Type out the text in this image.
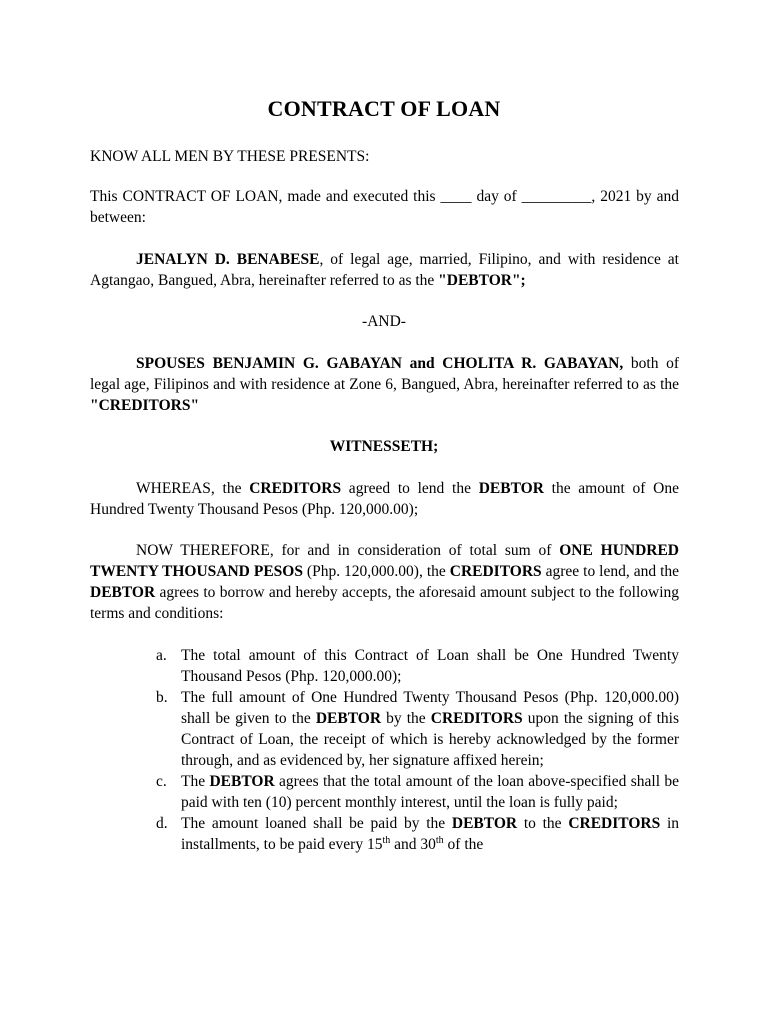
CONTRACT OF LOAN
KNOW ALL MEN BY THESE PRESENTS:
This CONTRACT OF LOAN, made and executed this ____ day of _________, 2021 by and between:
JENALYN D. BENABESE, of legal age, married, Filipino, and with residence at Agtangao, Bangued, Abra, hereinafter referred to as the "DEBTOR";
-AND-
SPOUSES BENJAMIN G. GABAYAN and CHOLITA R. GABAYAN, both of legal age, Filipinos and with residence at Zone 6, Bangued, Abra, hereinafter referred to as the "CREDITORS"
WITNESSETH;
WHEREAS, the CREDITORS agreed to lend the DEBTOR the amount of One Hundred Twenty Thousand Pesos (Php. 120,000.00);
NOW THEREFORE, for and in consideration of total sum of ONE HUNDRED TWENTY THOUSAND PESOS (Php. 120,000.00), the CREDITORS agree to lend, and the DEBTOR agrees to borrow and hereby accepts, the aforesaid amount subject to the following terms and conditions:
a. The total amount of this Contract of Loan shall be One Hundred Twenty Thousand Pesos (Php. 120,000.00);
b. The full amount of One Hundred Twenty Thousand Pesos (Php. 120,000.00) shall be given to the DEBTOR by the CREDITORS upon the signing of this Contract of Loan, the receipt of which is hereby acknowledged by the former through, and as evidenced by, her signature affixed herein;
c. The DEBTOR agrees that the total amount of the loan above-specified shall be paid with ten (10) percent monthly interest, until the loan is fully paid;
d. The amount loaned shall be paid by the DEBTOR to the CREDITORS in installments, to be paid every 15th and 30th of the
